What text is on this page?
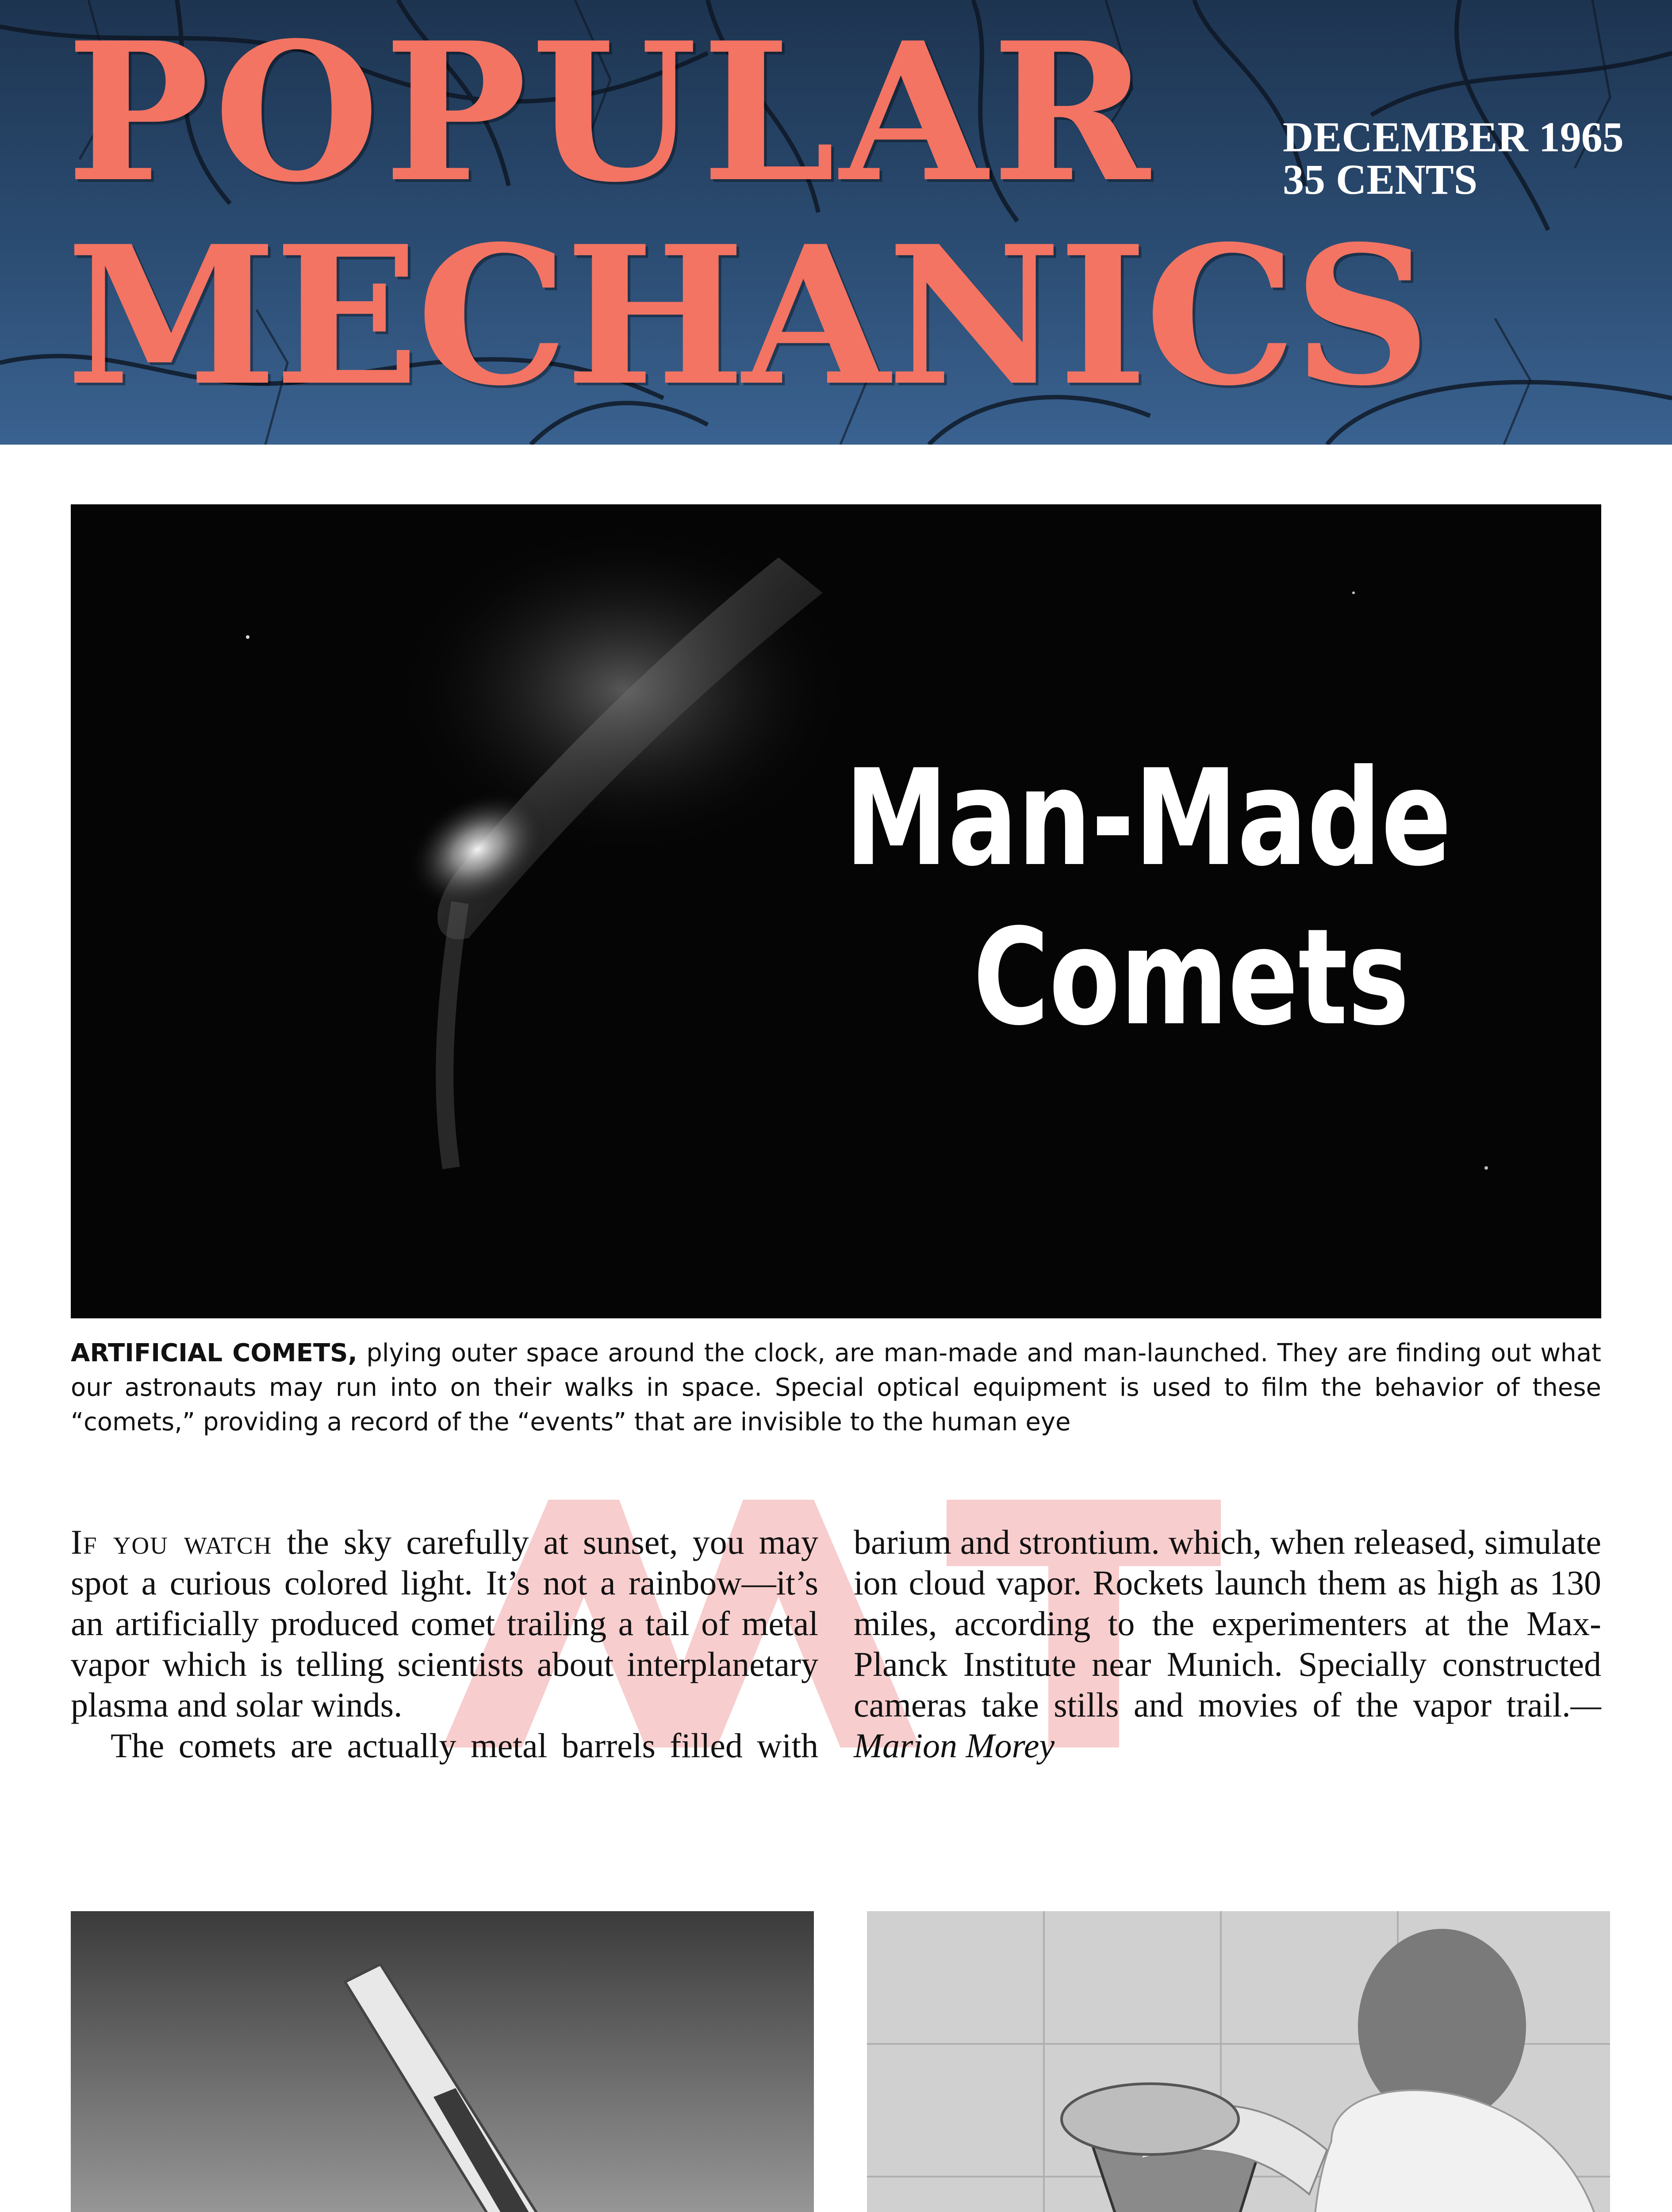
POPULAR
MECHANICS
DECEMBER 1965
35 CENTS
Man-Made
Comets
ARTIFICIAL COMETS, plying outer space around the clock, are man-made and man-launched. They are finding out what our astronauts may run into on their walks in space. Special optical equipment is used to film the behavior of these “comets,” providing a record of the “events” that are invisible to the human eye

If you watch the sky carefully at sunset, you may spot a curious colored light. It’s not a rainbow—it’s an artificially produced comet trailing a tail of metal vapor which is telling scientists about interplanetary plasma and solar winds.

The comets are actually metal barrels filled with

barium and strontium. which, when released, simulate ion cloud vapor. Rockets launch them as high as 130 miles, according to the experimenters at the Max-Planck Institute near Munich. Specially constructed cameras take stills and movies of the vapor trail.—Marion Morey
